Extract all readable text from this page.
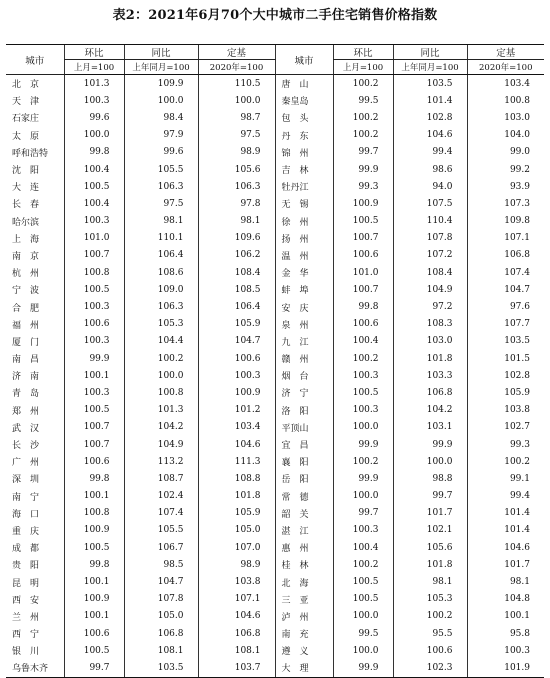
表2：2021年6月70个大中城市二手住宅销售价格指数
城市	环比	同比	定基	城市	环比	同比	定基
	上月=100	上年同月=100	2020年=100		上月=100	上年同月=100	2020年=100
北　京	101.3	109.9	110.5	唐　山	100.2	103.5	103.4
天　津	100.3	100.0	100.0	秦皇岛	99.5	101.4	100.8
石家庄	99.6	98.4	98.7	包　头	100.2	102.8	103.0
太　原	100.0	97.9	97.5	丹　东	100.2	104.6	104.0
呼和浩特	99.8	99.6	98.9	锦　州	99.7	99.4	99.0
沈　阳	100.4	105.5	105.6	吉　林	99.9	98.6	99.2
大　连	100.5	106.3	106.3	牡丹江	99.3	94.0	93.9
长　春	100.4	97.5	97.8	无　锡	100.9	107.5	107.3
哈尔滨	100.3	98.1	98.1	徐　州	100.5	110.4	109.8
上　海	101.0	110.1	109.6	扬　州	100.7	107.8	107.1
南　京	100.7	106.4	106.2	温　州	100.6	107.2	106.8
杭　州	100.8	108.6	108.4	金　华	101.0	108.4	107.4
宁　波	100.5	109.0	108.5	蚌　埠	100.7	104.9	104.7
合　肥	100.3	106.3	106.4	安　庆	99.8	97.2	97.6
福　州	100.6	105.3	105.9	泉　州	100.6	108.3	107.7
厦　门	100.3	104.4	104.7	九　江	100.4	103.0	103.5
南　昌	99.9	100.2	100.6	赣　州	100.2	101.8	101.5
济　南	100.1	100.0	100.3	烟　台	100.3	103.3	102.8
青　岛	100.3	100.8	100.9	济　宁	100.5	106.8	105.9
郑　州	100.5	101.3	101.2	洛　阳	100.3	104.2	103.8
武　汉	100.7	104.2	103.4	平顶山	100.0	103.1	102.7
长　沙	100.7	104.9	104.6	宜　昌	99.9	99.9	99.3
广　州	100.6	113.2	111.3	襄　阳	100.2	100.0	100.2
深　圳	99.8	108.7	108.8	岳　阳	99.9	98.8	99.1
南　宁	100.1	102.4	101.8	常　德	100.0	99.7	99.4
海　口	100.8	107.4	105.9	韶　关	99.7	101.7	101.4
重　庆	100.9	105.5	105.0	湛　江	100.3	102.1	101.4
成　都	100.5	106.7	107.0	惠　州	100.4	105.6	104.6
贵　阳	99.8	98.5	98.9	桂　林	100.2	101.8	101.7
昆　明	100.1	104.7	103.8	北　海	100.5	98.1	98.1
西　安	100.9	107.8	107.1	三　亚	100.5	105.3	104.8
兰　州	100.1	105.0	104.6	泸　州	100.0	100.2	100.1
西　宁	100.6	106.8	106.8	南　充	99.5	95.5	95.8
银　川	100.5	108.1	108.1	遵　义	100.0	100.6	100.3
乌鲁木齐	99.7	103.5	103.7	大　理	99.9	102.3	101.9
